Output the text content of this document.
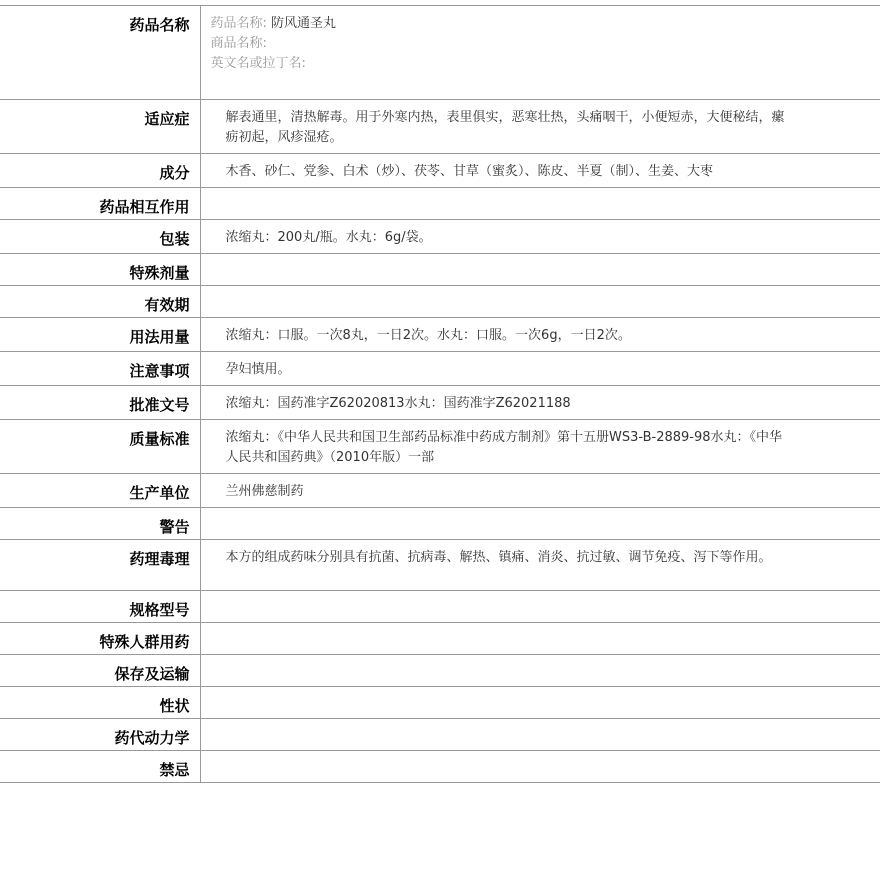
药品名称	药品名称: 防风通圣丸
商品名称:
英文名或拉丁名:

适应症	解表通里，清热解毒。用于外寒内热，表里俱实，恶寒壮热，头痛咽干，小便短赤，大便秘结，瘰疬初起，风疹湿疮。
成分	木香、砂仁、党参、白术（炒）、茯苓、甘草（蜜炙）、陈皮、半夏（制）、生姜、大枣
药品相互作用	
包装	浓缩丸：200丸/瓶。水丸：6g/袋。
特殊剂量	
有效期	
用法用量	浓缩丸：口服。一次8丸，一日2次。水丸：口服。一次6g，一日2次。
注意事项	孕妇慎用。
批准文号	浓缩丸：国药准字Z62020813水丸：国药准字Z62021188
质量标准	浓缩丸：《中华人民共和国卫生部药品标准中药成方制剂》第十五册WS3-B-2889-98水丸：《中华人民共和国药典》（2010年版）一部
生产单位	兰州佛慈制药
警告	
药理毒理	本方的组成药味分别具有抗菌、抗病毒、解热、镇痛、消炎、抗过敏、调节免疫、泻下等作用。
规格型号	
特殊人群用药	
保存及运输	
性状	
药代动力学	
禁忌	
